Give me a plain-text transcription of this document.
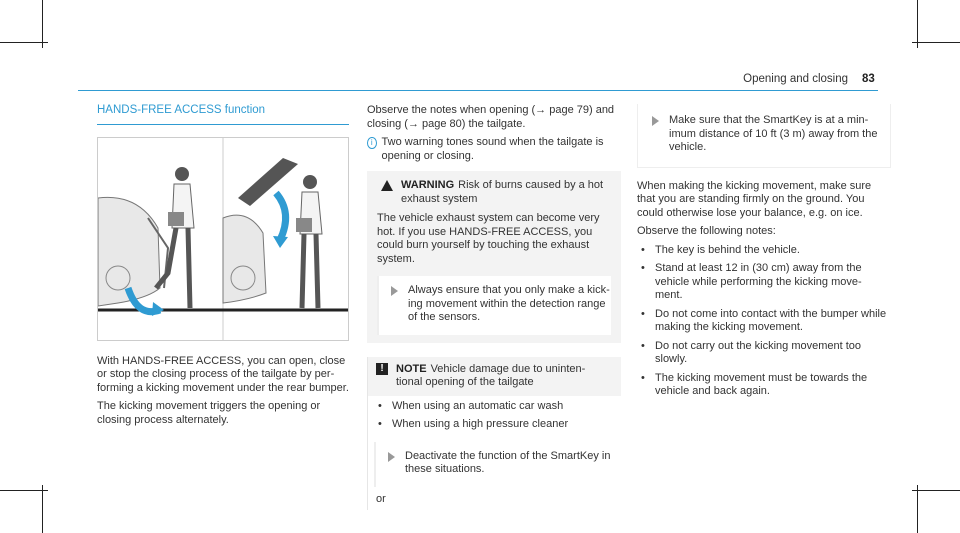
Opening and closing 83
HANDS-FREE ACCESS function

With HANDS-FREE ACCESS, you can open, close or stop the closing process of the tailgate by per- forming a kicking movement under the rear bumper.

The kicking movement triggers the opening or closing process alternately.

Observe the notes when opening (→ page 79) and closing (→ page 80) the tailgate.

i Two warning tones sound when the tailgate is opening or closing.
WARNING Risk of burns caused by a hot exhaust system

The vehicle exhaust system can become very hot. If you use HANDS-FREE ACCESS, you could burn yourself by touching the exhaust system.

Always ensure that you only make a kick- ing movement within the detection range of the sensors.
!	NOTE Vehicle damage due to uninten- tional opening of the tailgate
• When using an automatic car wash
• When using a high pressure cleaner
Deactivate the function of the SmartKey in these situations.
or
Make sure that the SmartKey is at a min- imum distance of 10 ft (3 m) away from the vehicle.

When making the kicking movement, make sure that you are standing firmly on the ground. You could otherwise lose your balance, e.g. on ice.

Observe the following notes:

• The key is behind the vehicle.
• Stand at least 12 in (30 cm) away from the vehicle while performing the kicking move- ment.
• Do not come into contact with the bumper while making the kicking movement.
• Do not carry out the kicking movement too slowly.
• The kicking movement must be towards the vehicle and back again.
